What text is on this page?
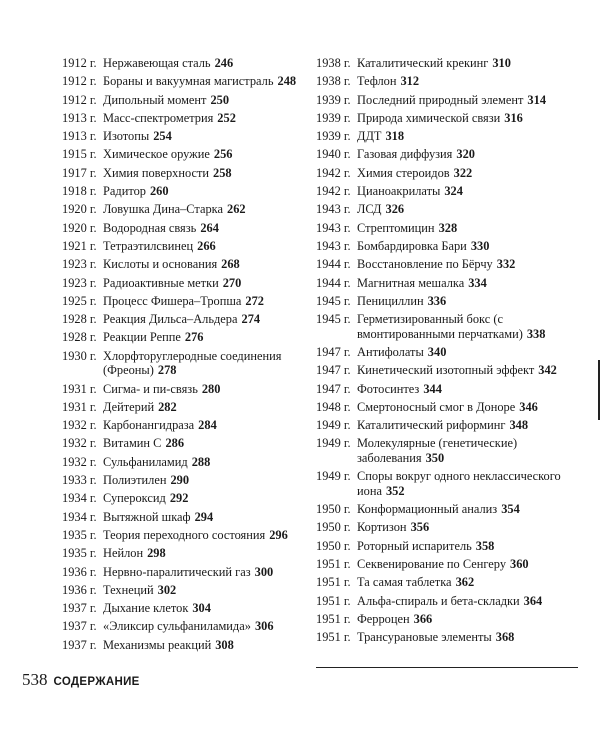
1912 г. Нержавеющая сталь 246
1912 г. Бораны и вакуумная магистраль 248
1912 г. Дипольный момент 250
1913 г. Масс-спектрометрия 252
1913 г. Изотопы 254
1915 г. Химическое оружие 256
1917 г. Химия поверхности 258
1918 г. Радитор 260
1920 г. Ловушка Дина–Старка 262
1920 г. Водородная связь 264
1921 г. Тетраэтилсвинец 266
1923 г. Кислоты и основания 268
1923 г. Радиоактивные метки 270
1925 г. Процесс Фишера–Тропша 272
1928 г. Реакция Дильса–Альдера 274
1928 г. Реакции Реппе 276
1930 г. Хлорфторуглеродные соединения (Фреоны) 278
1931 г. Сигма- и пи-связь 280
1931 г. Дейтерий 282
1932 г. Карбонангидраза 284
1932 г. Витамин С 286
1932 г. Сульфаниламид 288
1933 г. Полиэтилен 290
1934 г. Супероксид 292
1934 г. Вытяжной шкаф 294
1935 г. Теория переходного состояния 296
1935 г. Нейлон 298
1936 г. Нервно-паралитический газ 300
1936 г. Технеций 302
1937 г. Дыхание клеток 304
1937 г. «Эликсир сульфаниламида» 306
1937 г. Механизмы реакций 308
1938 г. Каталитический крекинг 310
1938 г. Тефлон 312
1939 г. Последний природный элемент 314
1939 г. Природа химической связи 316
1939 г. ДДТ 318
1940 г. Газовая диффузия 320
1942 г. Химия стероидов 322
1942 г. Цианоакрилаты 324
1943 г. ЛСД 326
1943 г. Стрептомицин 328
1943 г. Бомбардировка Бари 330
1944 г. Восстановление по Бёрчу 332
1944 г. Магнитная мешалка 334
1945 г. Пенициллин 336
1945 г. Герметизированный бокс (с вмонтированными перчатками) 338
1947 г. Антифолаты 340
1947 г. Кинетический изотопный эффект 342
1947 г. Фотосинтез 344
1948 г. Смертоносный смог в Доноре 346
1949 г. Каталитический риформинг 348
1949 г. Молекулярные (генетические) заболевания 350
1949 г. Споры вокруг одного неклассического иона 352
1950 г. Конформационный анализ 354
1950 г. Кортизон 356
1950 г. Роторный испаритель 358
1951 г. Секвенирование по Сенгеру 360
1951 г. Та самая таблетка 362
1951 г. Альфа-спираль и бета-складки 364
1951 г. Ферроцен 366
1951 г. Трансурановые элементы 368
538 СОДЕРЖАНИЕ
